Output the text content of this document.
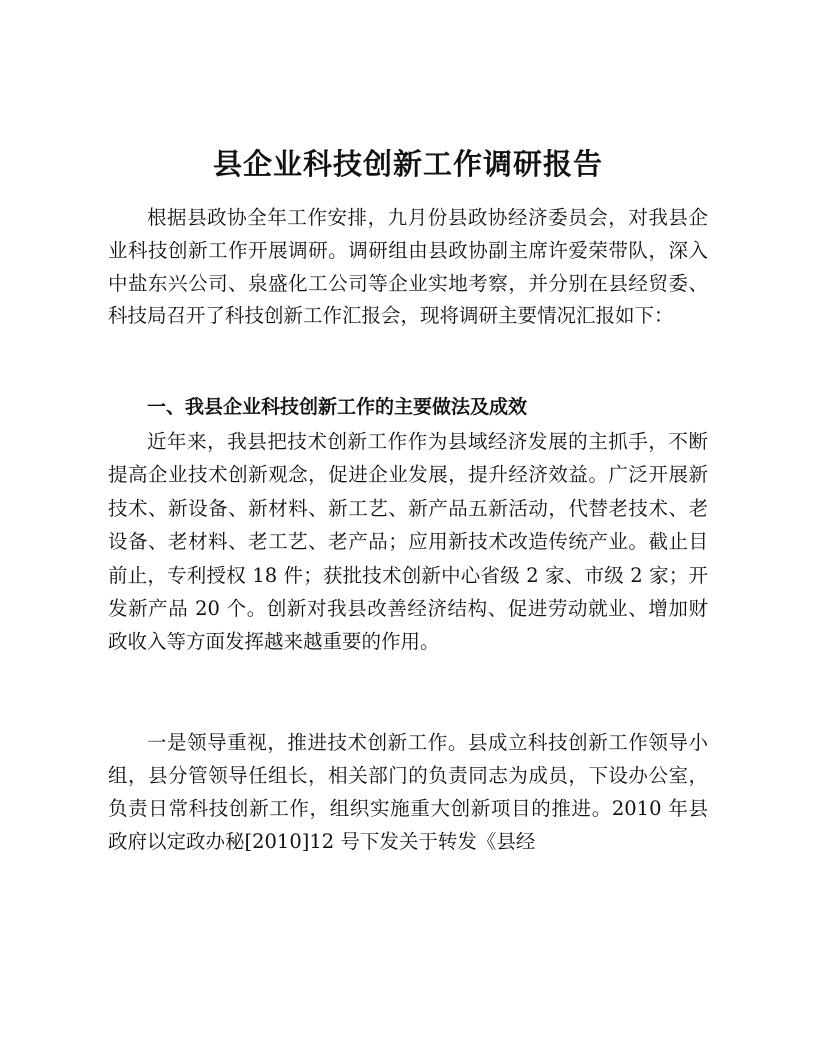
县企业科技创新工作调研报告

根据县政协全年工作安排，九月份县政协经济委员会，对我县企业科技创新工作开展调研。调研组由县政协副主席许爱荣带队，深入中盐东兴公司、泉盛化工公司等企业实地考察，并分别在县经贸委、科技局召开了科技创新工作汇报会，现将调研主要情况汇报如下：

一、我县企业科技创新工作的主要做法及成效

近年来，我县把技术创新工作作为县域经济发展的主抓手，不断提高企业技术创新观念，促进企业发展，提升经济效益。广泛开展新技术、新设备、新材料、新工艺、新产品五新活动，代替老技术、老设备、老材料、老工艺、老产品；应用新技术改造传统产业。截止目前止，专利授权 18 件；获批技术创新中心省级 2 家、市级 2 家；开发新产品 20 个。创新对我县改善经济结构、促进劳动就业、增加财政收入等方面发挥越来越重要的作用。

一是领导重视，推进技术创新工作。县成立科技创新工作领导小组，县分管领导任组长，相关部门的负责同志为成员，下设办公室，负责日常科技创新工作，组织实施重大创新项目的推进。2010 年县政府以定政办秘[2010]12 号下发关于转发《县经
